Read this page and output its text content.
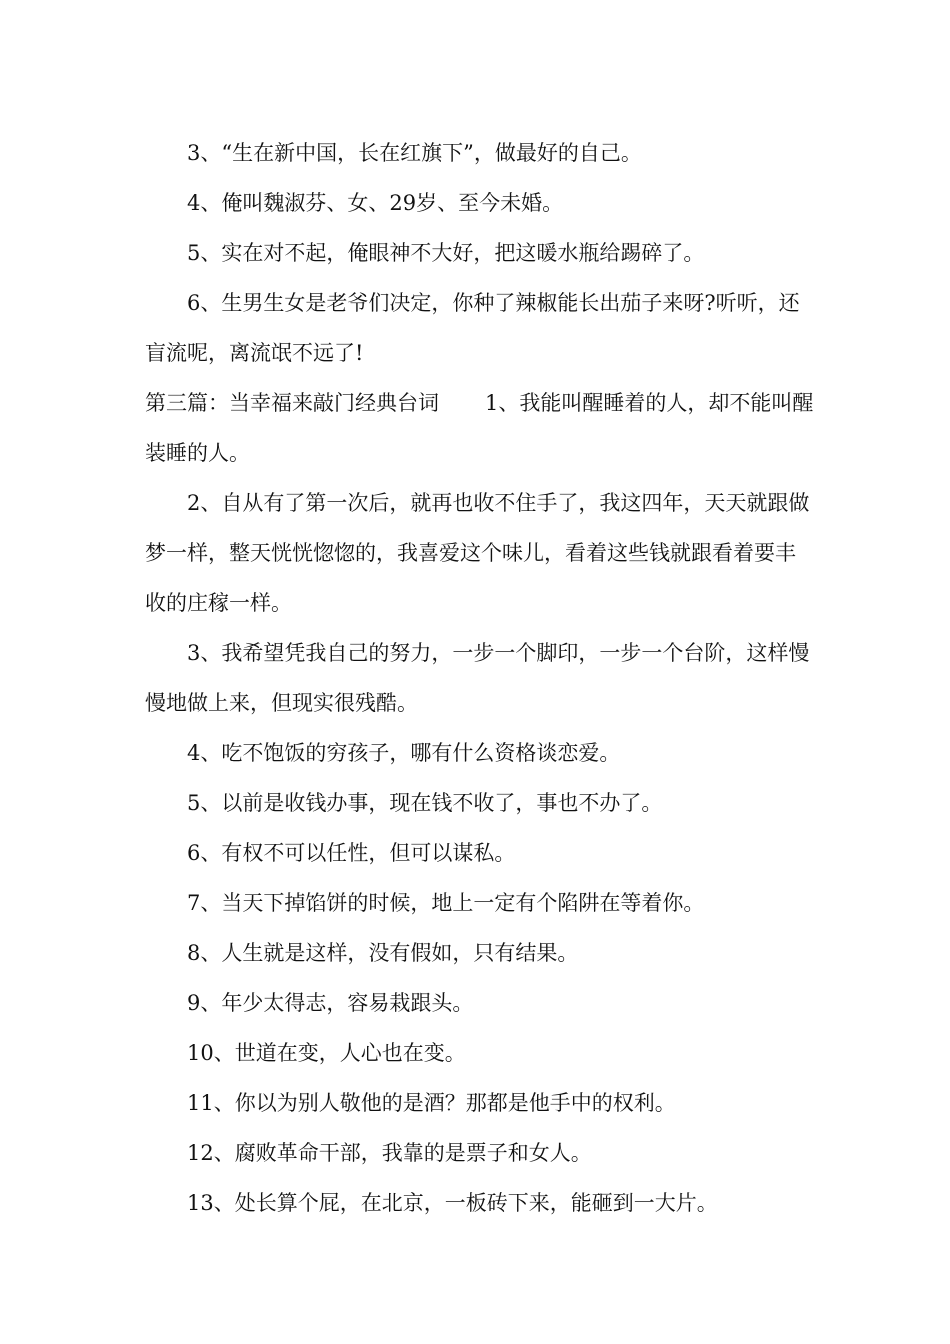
3、“生在新中国，长在红旗下”，做最好的自己。

4、俺叫魏淑芬、女、29岁、至今未婚。

5、实在对不起，俺眼神不大好，把这暖水瓶给踢碎了。

6、生男生女是老爷们决定，你种了辣椒能长出茄子来呀?听听，还盲流呢，离流氓不远了!

第三篇：当幸福来敲门经典台词 1、我能叫醒睡着的人，却不能叫醒装睡的人。

2、自从有了第一次后，就再也收不住手了，我这四年，天天就跟做梦一样，整天恍恍惚惚的，我喜爱这个味儿，看着这些钱就跟看着要丰收的庄稼一样。

3、我希望凭我自己的努力，一步一个脚印，一步一个台阶，这样慢慢地做上来，但现实很残酷。

4、吃不饱饭的穷孩子，哪有什么资格谈恋爱。

5、以前是收钱办事，现在钱不收了，事也不办了。

6、有权不可以任性，但可以谋私。

7、当天下掉馅饼的时候，地上一定有个陷阱在等着你。

8、人生就是这样，没有假如，只有结果。

9、年少太得志，容易栽跟头。

10、世道在变，人心也在变。

11、你以为别人敬他的是酒？那都是他手中的权利。

12、腐败革命干部，我靠的是票子和女人。

13、处长算个屁，在北京，一板砖下来，能砸到一大片。
